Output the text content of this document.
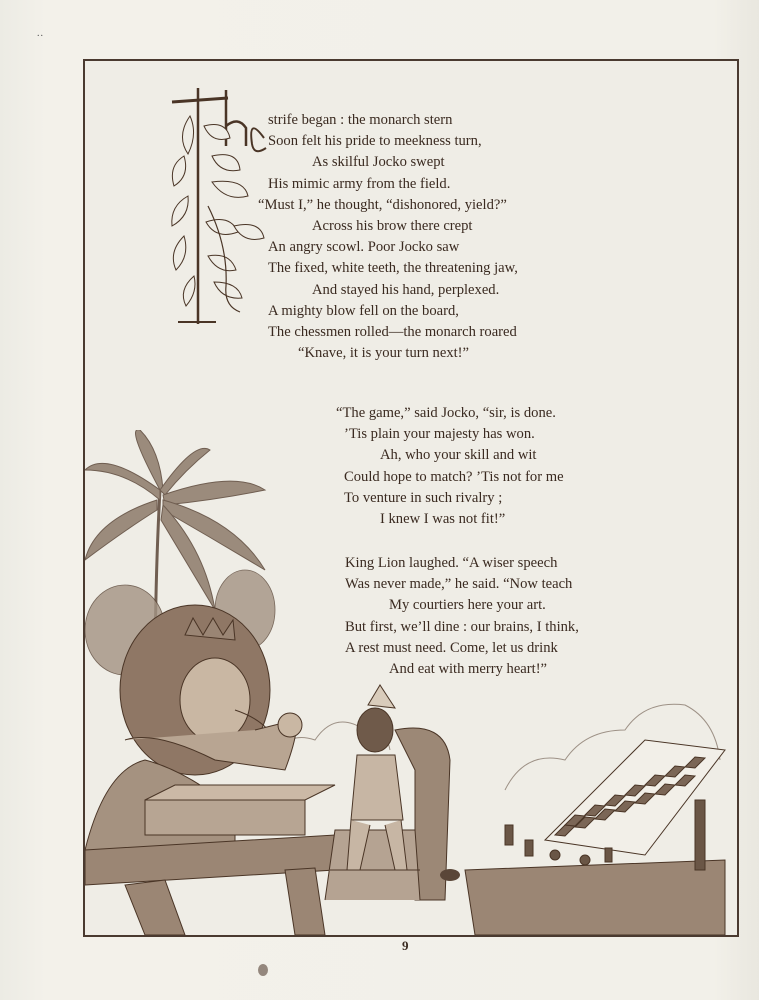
..
strife began : the monarch stern
Soon felt his pride to meekness turn,
As skilful Jocko swept
His mimic army from the field.
“Must I,” he thought, “dishonored, yield?”
Across his brow there crept
An angry scowl. Poor Jocko saw
The fixed, white teeth, the threatening jaw,
And stayed his hand, perplexed.
A mighty blow fell on the board,
The chessmen rolled—the monarch roared
“Knave, it is your turn next!”
“The game,” said Jocko, “sir, is done.
’Tis plain your majesty has won.
Ah, who your skill and wit
Could hope to match? ’Tis not for me
To venture in such rivalry ;
I knew I was not fit!”
King Lion laughed. “A wiser speech
Was never made,” he said. “Now teach
My courtiers here your art.
But first, we’ll dine : our brains, I think,
A rest must need. Come, let us drink
And eat with merry heart!”
9
